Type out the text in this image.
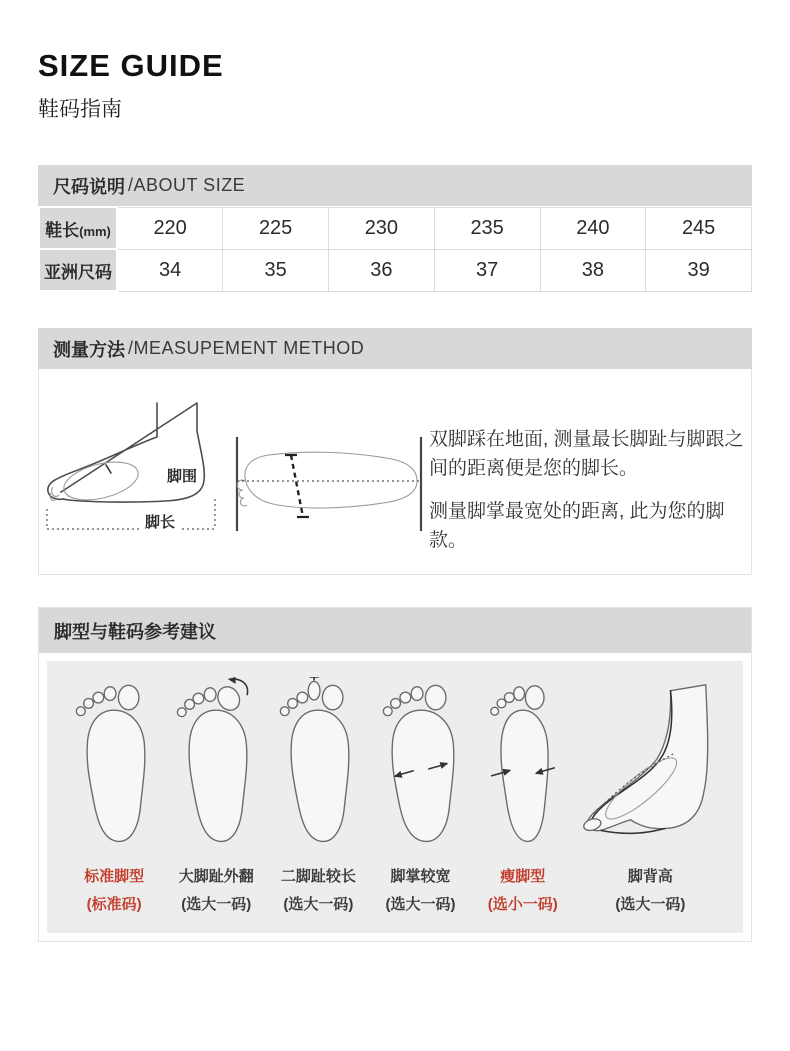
SIZE GUIDE
鞋码指南
尺码说明 /ABOUT SIZE
鞋长(mm)	220	225	230	235	240	245
亚洲尺码	34	35	36	37	38	39
测量方法 /MEASUPEMENT METHOD
脚围
脚长

双脚踩在地面, 测量最长脚趾与脚跟之间的距离便是您的脚长。

测量脚掌最宽处的距离, 此为您的脚款。

脚型与鞋码参考建议
标准脚型
(标准码)
大脚趾外翻
(选大一码)
二脚趾较长
(选大一码)
脚掌较宽
(选大一码)
瘦脚型
(选小一码)
脚背高
(选大一码)
